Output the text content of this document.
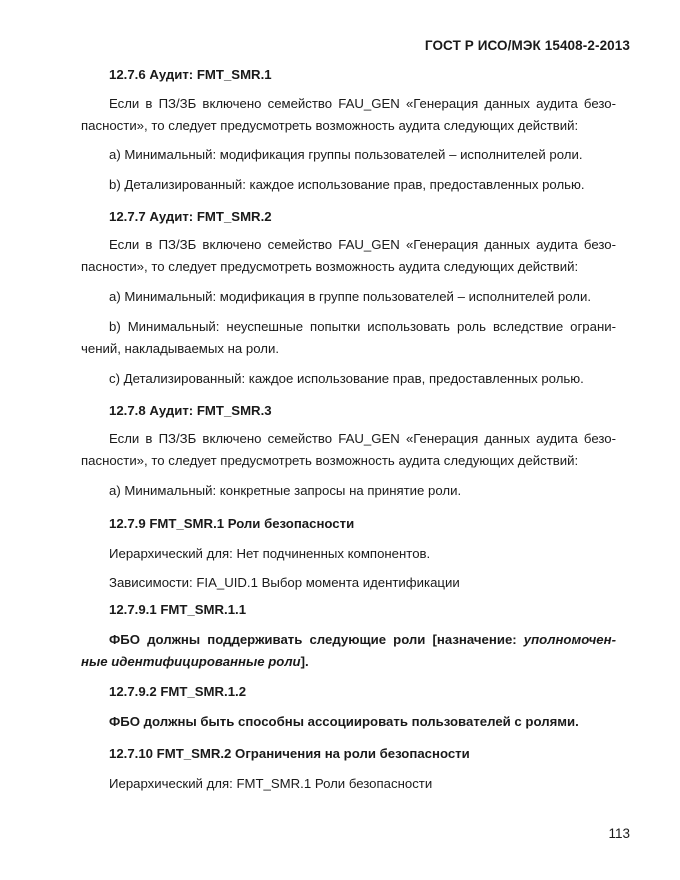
ГОСТ Р ИСО/МЭК 15408-2-2013
12.7.6 Аудит: FMT_SMR.1
Если в ПЗ/ЗБ включено семейство FAU_GEN «Генерация данных аудита безо-
пасности», то следует предусмотреть возможность аудита следующих действий:
a) Минимальный: модификация группы пользователей – исполнителей роли.
b) Детализированный: каждое использование прав, предоставленных ролью.
12.7.7 Аудит: FMT_SMR.2
Если в ПЗ/ЗБ включено семейство FAU_GEN «Генерация данных аудита безо-
пасности», то следует предусмотреть возможность аудита следующих действий:
a) Минимальный: модификация в группе пользователей – исполнителей роли.
b) Минимальный: неуспешные попытки использовать роль вследствие ограни-
чений, накладываемых на роли.
c) Детализированный: каждое использование прав, предоставленных ролью.
12.7.8 Аудит: FMT_SMR.3
Если в ПЗ/ЗБ включено семейство FAU_GEN «Генерация данных аудита безо-
пасности», то следует предусмотреть возможность аудита следующих действий:
a) Минимальный: конкретные запросы на принятие роли.
12.7.9 FMT_SMR.1 Роли безопасности
Иерархический для: Нет подчиненных компонентов.
Зависимости: FIA_UID.1 Выбор момента идентификации
12.7.9.1 FMT_SMR.1.1
ФБО должны поддерживать следующие роли [назначение: уполномочен-
ные идентифицированные роли].
12.7.9.2 FMT_SMR.1.2
ФБО должны быть способны ассоциировать пользователей с ролями.
12.7.10 FMT_SMR.2 Ограничения на роли безопасности
Иерархический для: FMT_SMR.1 Роли безопасности
113
